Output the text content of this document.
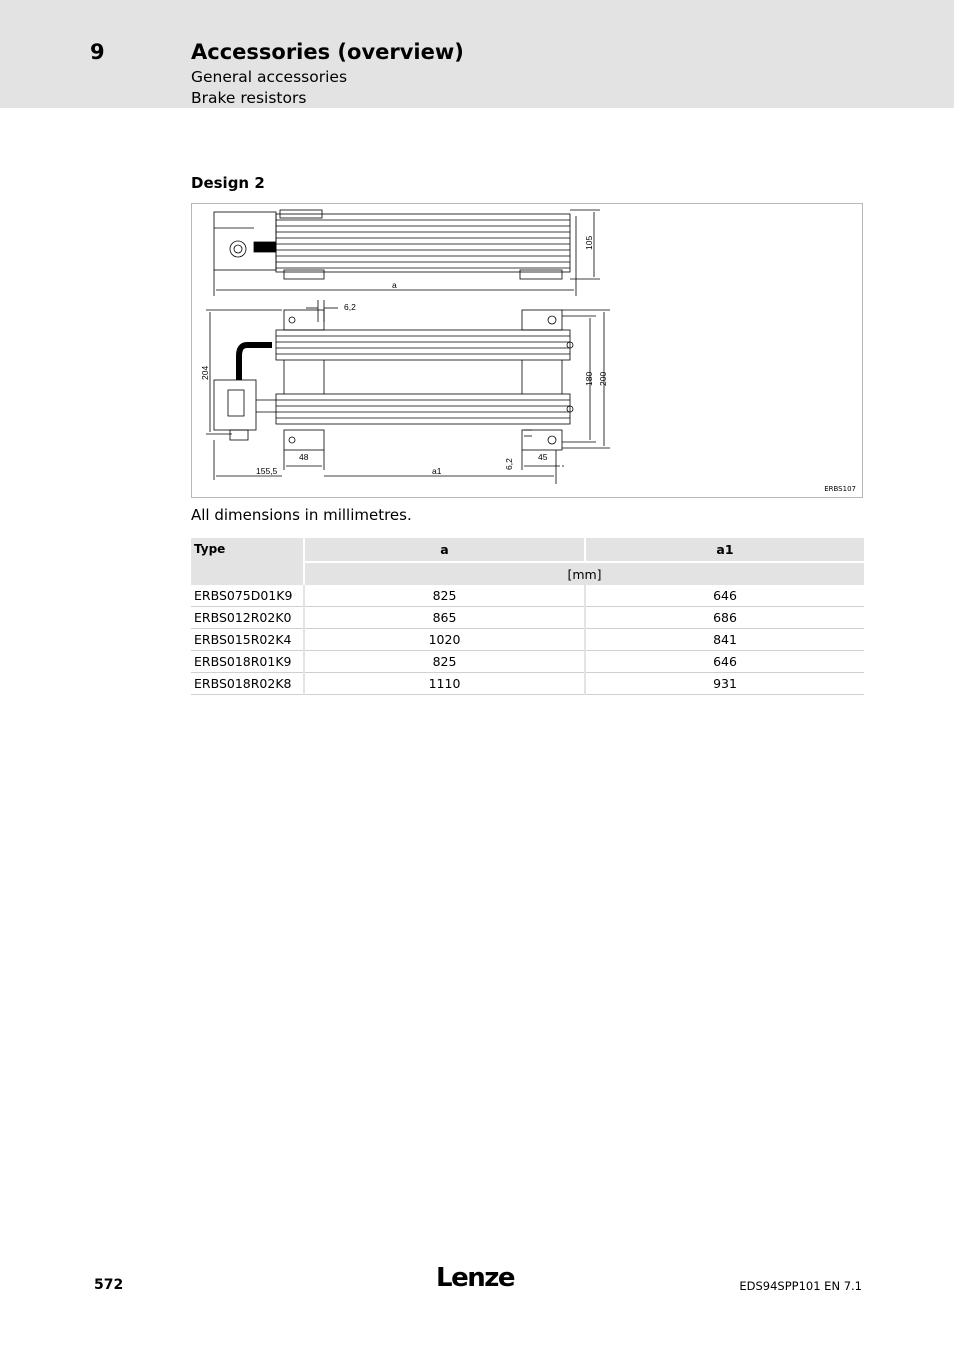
9	Accessories (overview)
General accessories
Brake resistors
Design 2
a
6,2
a1
48
155,5
45
105
204	180 200
6,2
ERBS107
All dimensions in millimetres.
Type	a	a1
	[mm]	
ERBS075D01K9	825	646
ERBS012R02K0	865	686
ERBS015R02K4	1020	841
ERBS018R01K9	825	646
ERBS018R02K8	1110	931
572	Lenze	EDS94SPP101 EN 7.1
